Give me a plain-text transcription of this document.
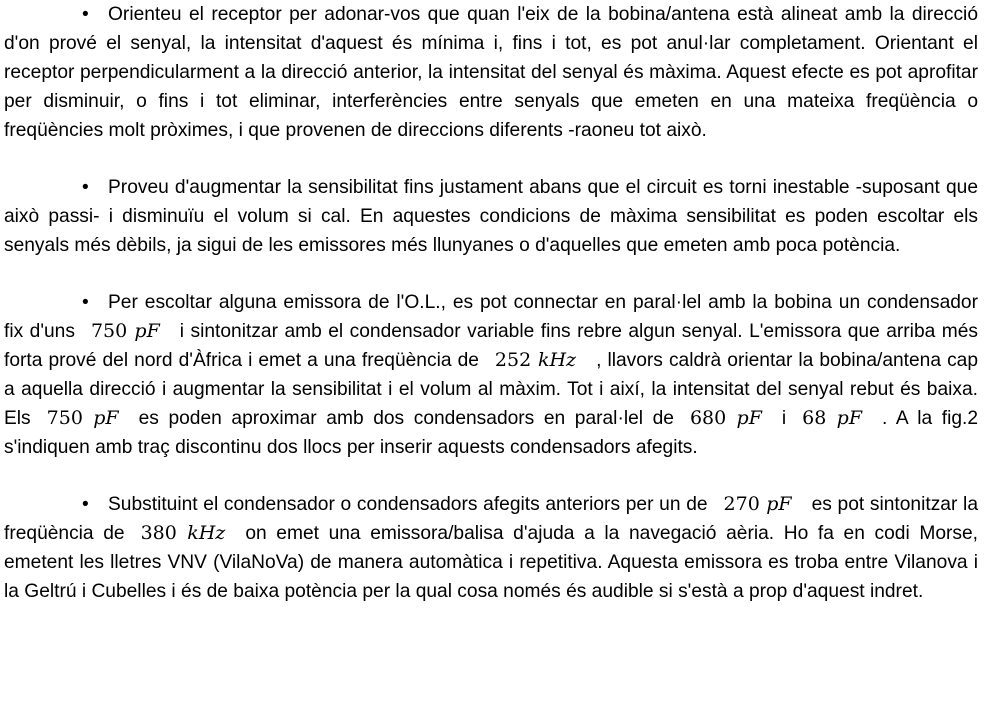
• Orienteu el receptor per adonar-vos que quan l'eix de la bobina/antena està alineat amb la direcció d'on prové el senyal, la intensitat d'aquest és mínima i, fins i tot, es pot anul·lar completament. Orientant el receptor perpendicularment a la direcció anterior, la intensitat del senyal és màxima. Aquest efecte es pot aprofitar per disminuir, o fins i tot eliminar, interferències entre senyals que emeten en una mateixa freqüència o freqüències molt pròximes, i que provenen de direccions diferents -raoneu tot això.

• Proveu d'augmentar la sensibilitat fins justament abans que el circuit es torni inestable -suposant que això passi- i disminuïu el volum si cal. En aquestes condicions de màxima sensibilitat es poden escoltar els senyals més dèbils, ja sigui de les emissores més llunyanes o d'aquelles que emeten amb poca potència.

• Per escoltar alguna emissora de l'O.L., es pot connectar en paral·lel amb la bobina un condensador fix d'uns 750 pF i sintonitzar amb el condensador variable fins rebre algun senyal. L'emissora que arriba més forta prové del nord d'Àfrica i emet a una freqüència de 252 kHz , llavors caldrà orientar la bobina/antena cap a aquella direcció i augmentar la sensibilitat i el volum al màxim. Tot i així, la intensitat del senyal rebut és baixa. Els 750 pF es poden aproximar amb dos condensadors en paral·lel de 680 pF i 68 pF . A la fig.2 s'indiquen amb traç discontinu dos llocs per inserir aquests condensadors afegits.

• Substituint el condensador o condensadors afegits anteriors per un de 270 pF es pot sintonitzar la freqüència de 380 kHz on emet una emissora/balisa d'ajuda a la navegació aèria. Ho fa en codi Morse, emetent les lletres VNV (VilaNoVa) de manera automàtica i repetitiva. Aquesta emissora es troba entre Vilanova i la Geltrú i Cubelles i és de baixa potència per la qual cosa només és audible si s'està a prop d'aquest indret.
